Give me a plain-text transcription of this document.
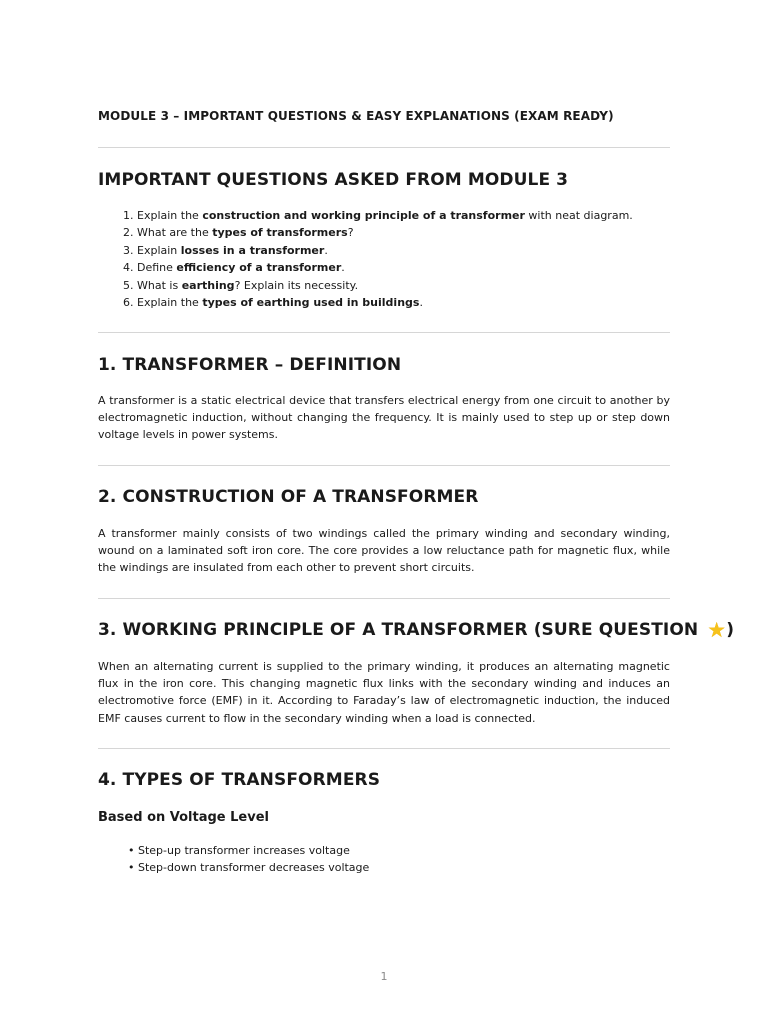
MODULE 3 – IMPORTANT QUESTIONS & EASY EXPLANATIONS (EXAM READY)
IMPORTANT QUESTIONS ASKED FROM MODULE 3
1. Explain the construction and working principle of a transformer with neat diagram.
2. What are the types of transformers?
3. Explain losses in a transformer.
4. Define efficiency of a transformer.
5. What is earthing? Explain its necessity.
6. Explain the types of earthing used in buildings.
1. TRANSFORMER – DEFINITION

A transformer is a static electrical device that transfers electrical energy from one circuit to another by electromagnetic induction, without changing the frequency. It is mainly used to step up or step down voltage levels in power systems.

2. CONSTRUCTION OF A TRANSFORMER

A transformer mainly consists of two windings called the primary winding and secondary winding, wound on a laminated soft iron core. The core provides a low reluctance path for magnetic flux, while the windings are insulated from each other to prevent short circuits.

3. WORKING PRINCIPLE OF A TRANSFORMER (SURE QUESTION ★)

When an alternating current is supplied to the primary winding, it produces an alternating magnetic flux in the iron core. This changing magnetic flux links with the secondary winding and induces an electromotive force (EMF) in it. According to Faraday’s law of electromagnetic induction, the induced EMF causes current to flow in the secondary winding when a load is connected.

4. TYPES OF TRANSFORMERS
Based on Voltage Level
• Step-up transformer increases voltage
• Step-down transformer decreases voltage
1
